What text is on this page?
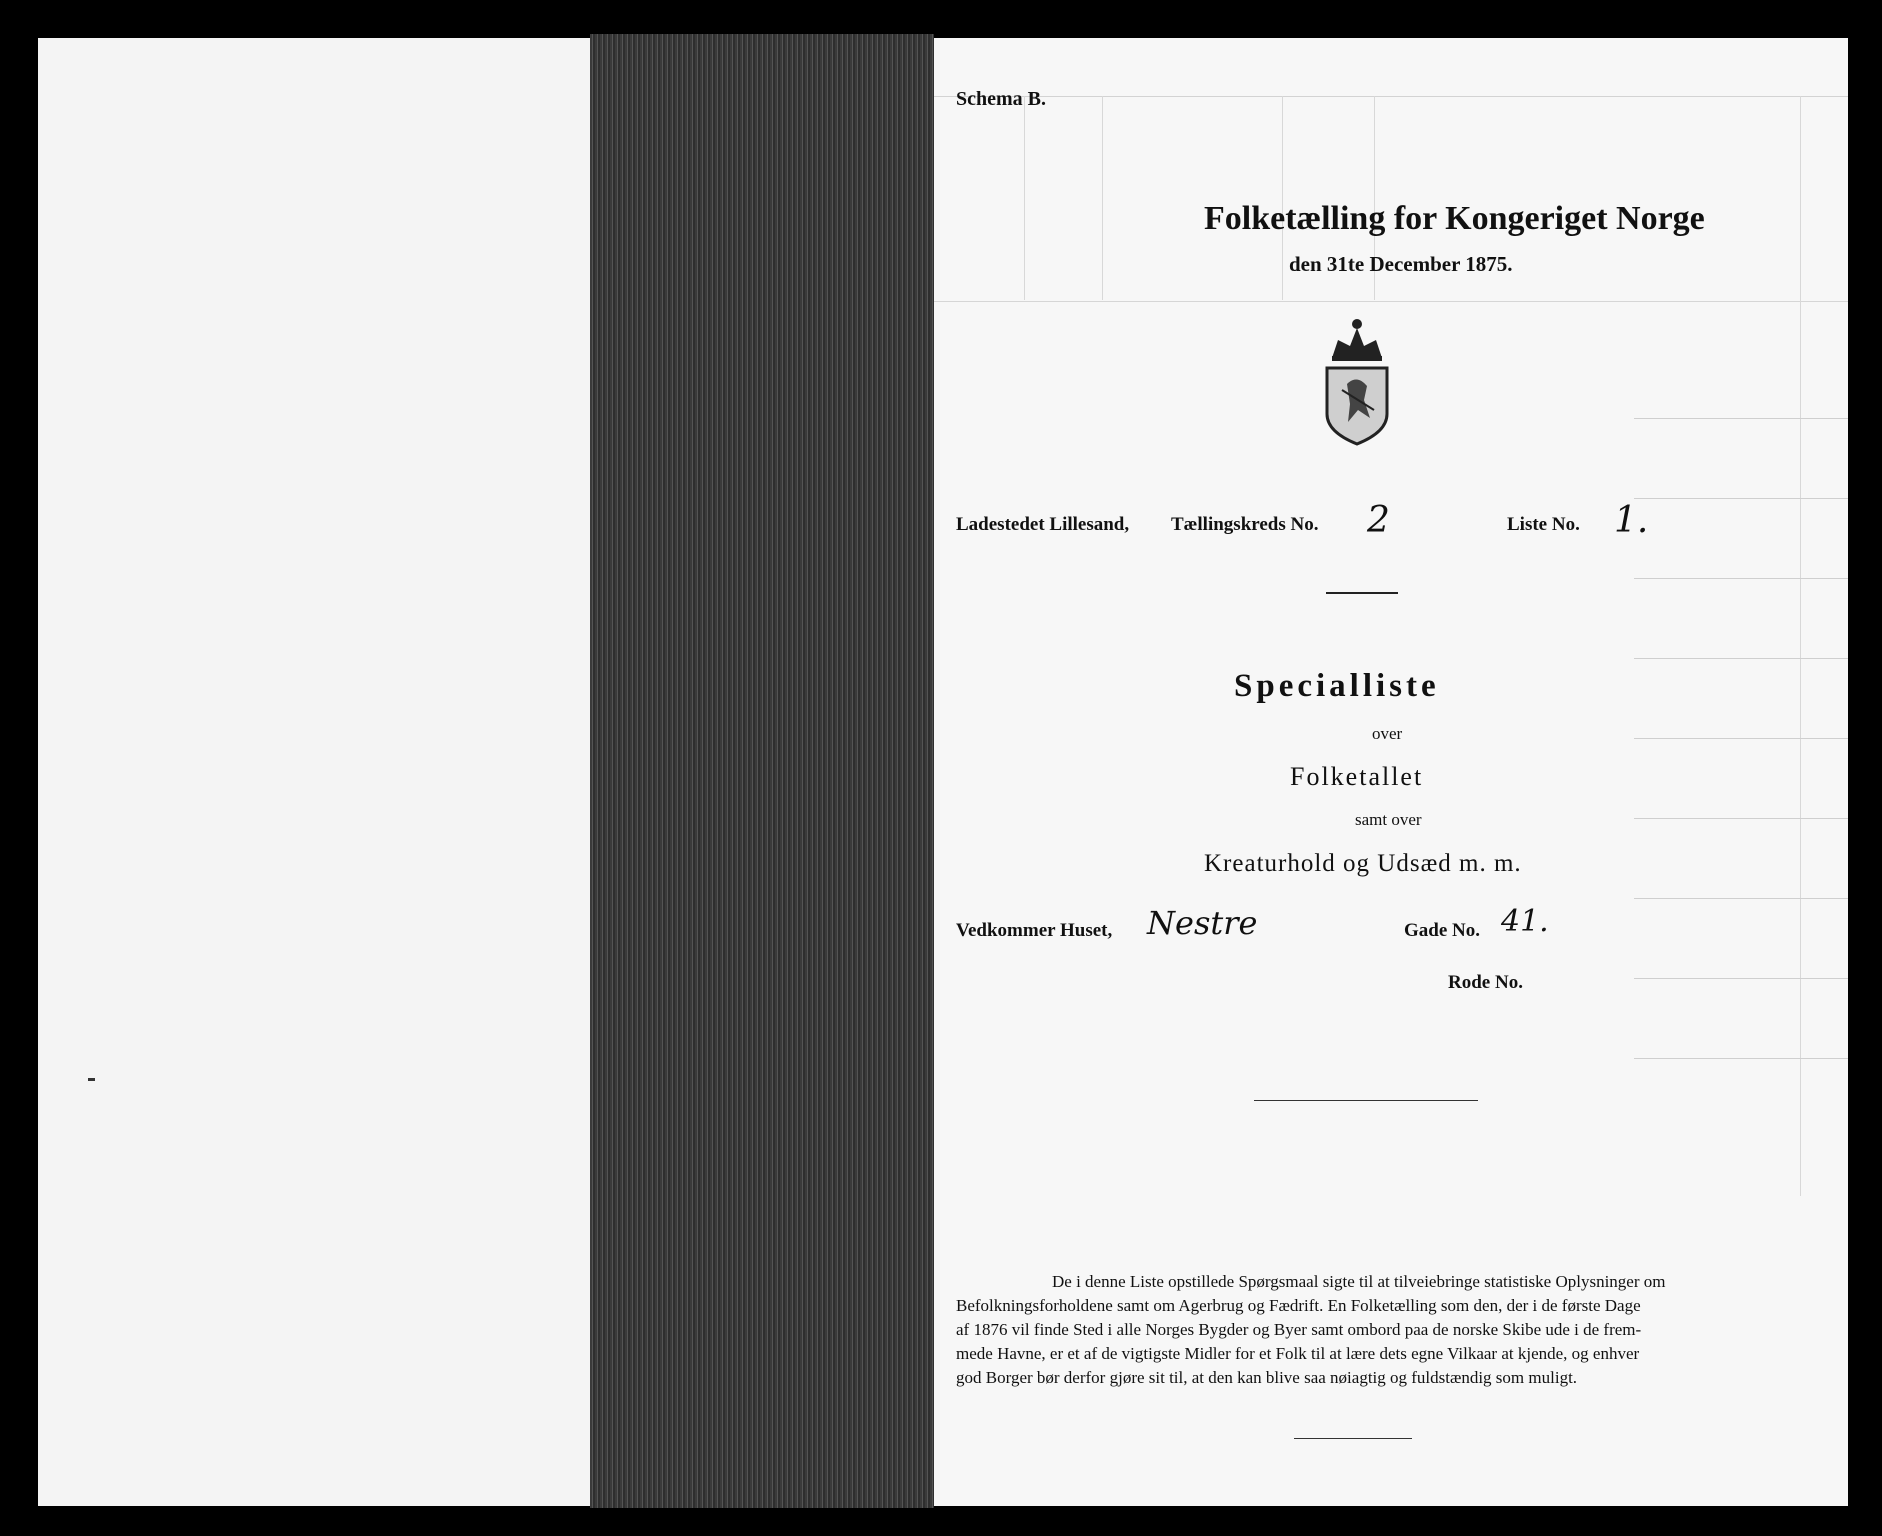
Schema B.
Folketælling for Kongeriget Norge
den 31te December 1875.
Ladestedet Lillesand, Tællingskreds No. 2	Liste No. 1.
Specialliste
over
Folketallet
samt over
Kreaturhold og Udsæd m. m.
Vedkommer Huset, Nestre	Gade No. 41.
Rode No.
De i denne Liste opstillede Spørgsmaal sigte til at tilveiebringe statistiske Oplysninger om
Befolkningsforholdene samt om Agerbrug og Fædrift. En Folketælling som den, der i de første Dage
af 1876 vil finde Sted i alle Norges Bygder og Byer samt ombord paa de norske Skibe ude i de frem-
mede Havne, er et af de vigtigste Midler for et Folk til at lære dets egne Vilkaar at kjende, og enhver
god Borger bør derfor gjøre sit til, at den kan blive saa nøiagtig og fuldstændig som muligt.
